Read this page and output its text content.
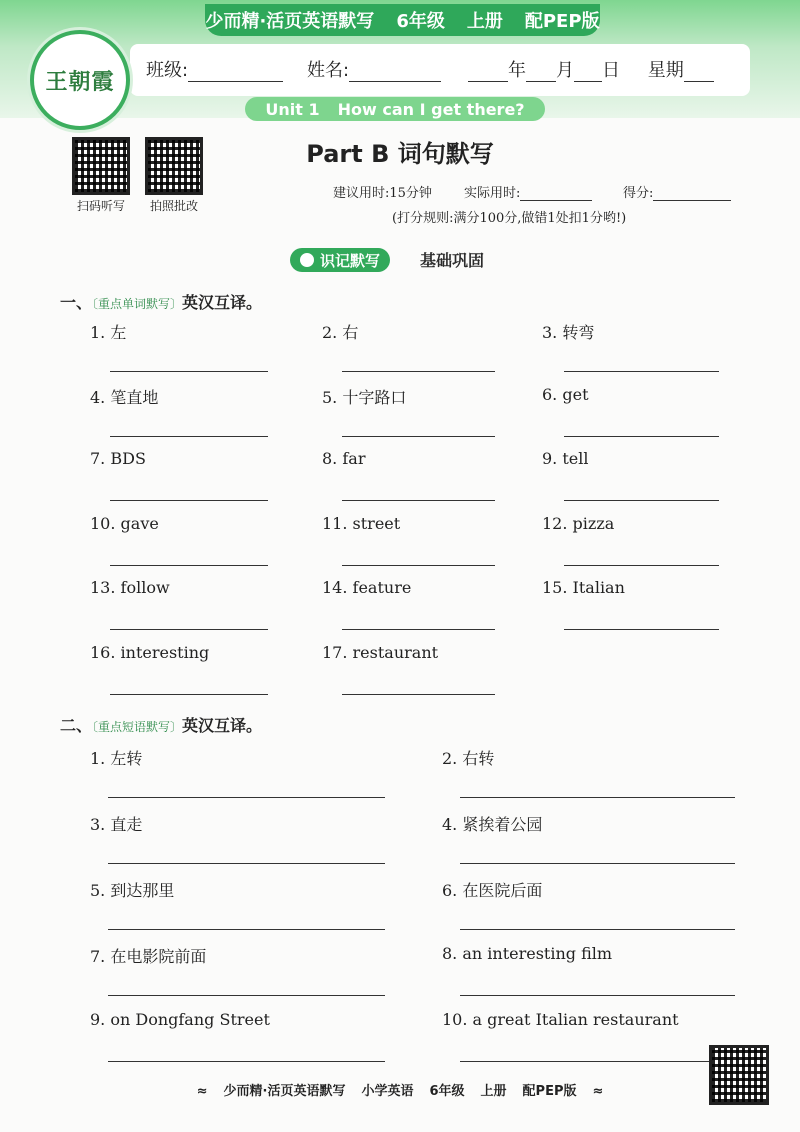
少而精·活页英语默写 6年级 上册 配PEP版
班级:	姓名:	年 月 日 星期
Unit 1 How can I get there?
王朝霞
扫码听写	拍照批改
Part B 词句默写
建议用时:15分钟 实际用时:	得分:
(打分规则:满分100分,做错1处扣1分哟!)
识记默写 基础巩固
一、〔重点单词默写〕英汉互译。
1. 左	2. 右	3. 转弯
4. 笔直地	5. 十字路口	6. get
7. BDS	8. far	9. tell
10. gave	11. street	12. pizza
13. follow	14. feature	15. Italian
16. interesting	17. restaurant
二、〔重点短语默写〕英汉互译。
1. 左转	2. 右转
3. 直走	4. 紧挨着公园
5. 到达那里	6. 在医院后面
7. 在电影院前面	8. an interesting film
9. on Dongfang Street	10. a great Italian restaurant
≈ 少而精·活页英语默写 小学英语 6年级 上册 配PEP版 ≈
